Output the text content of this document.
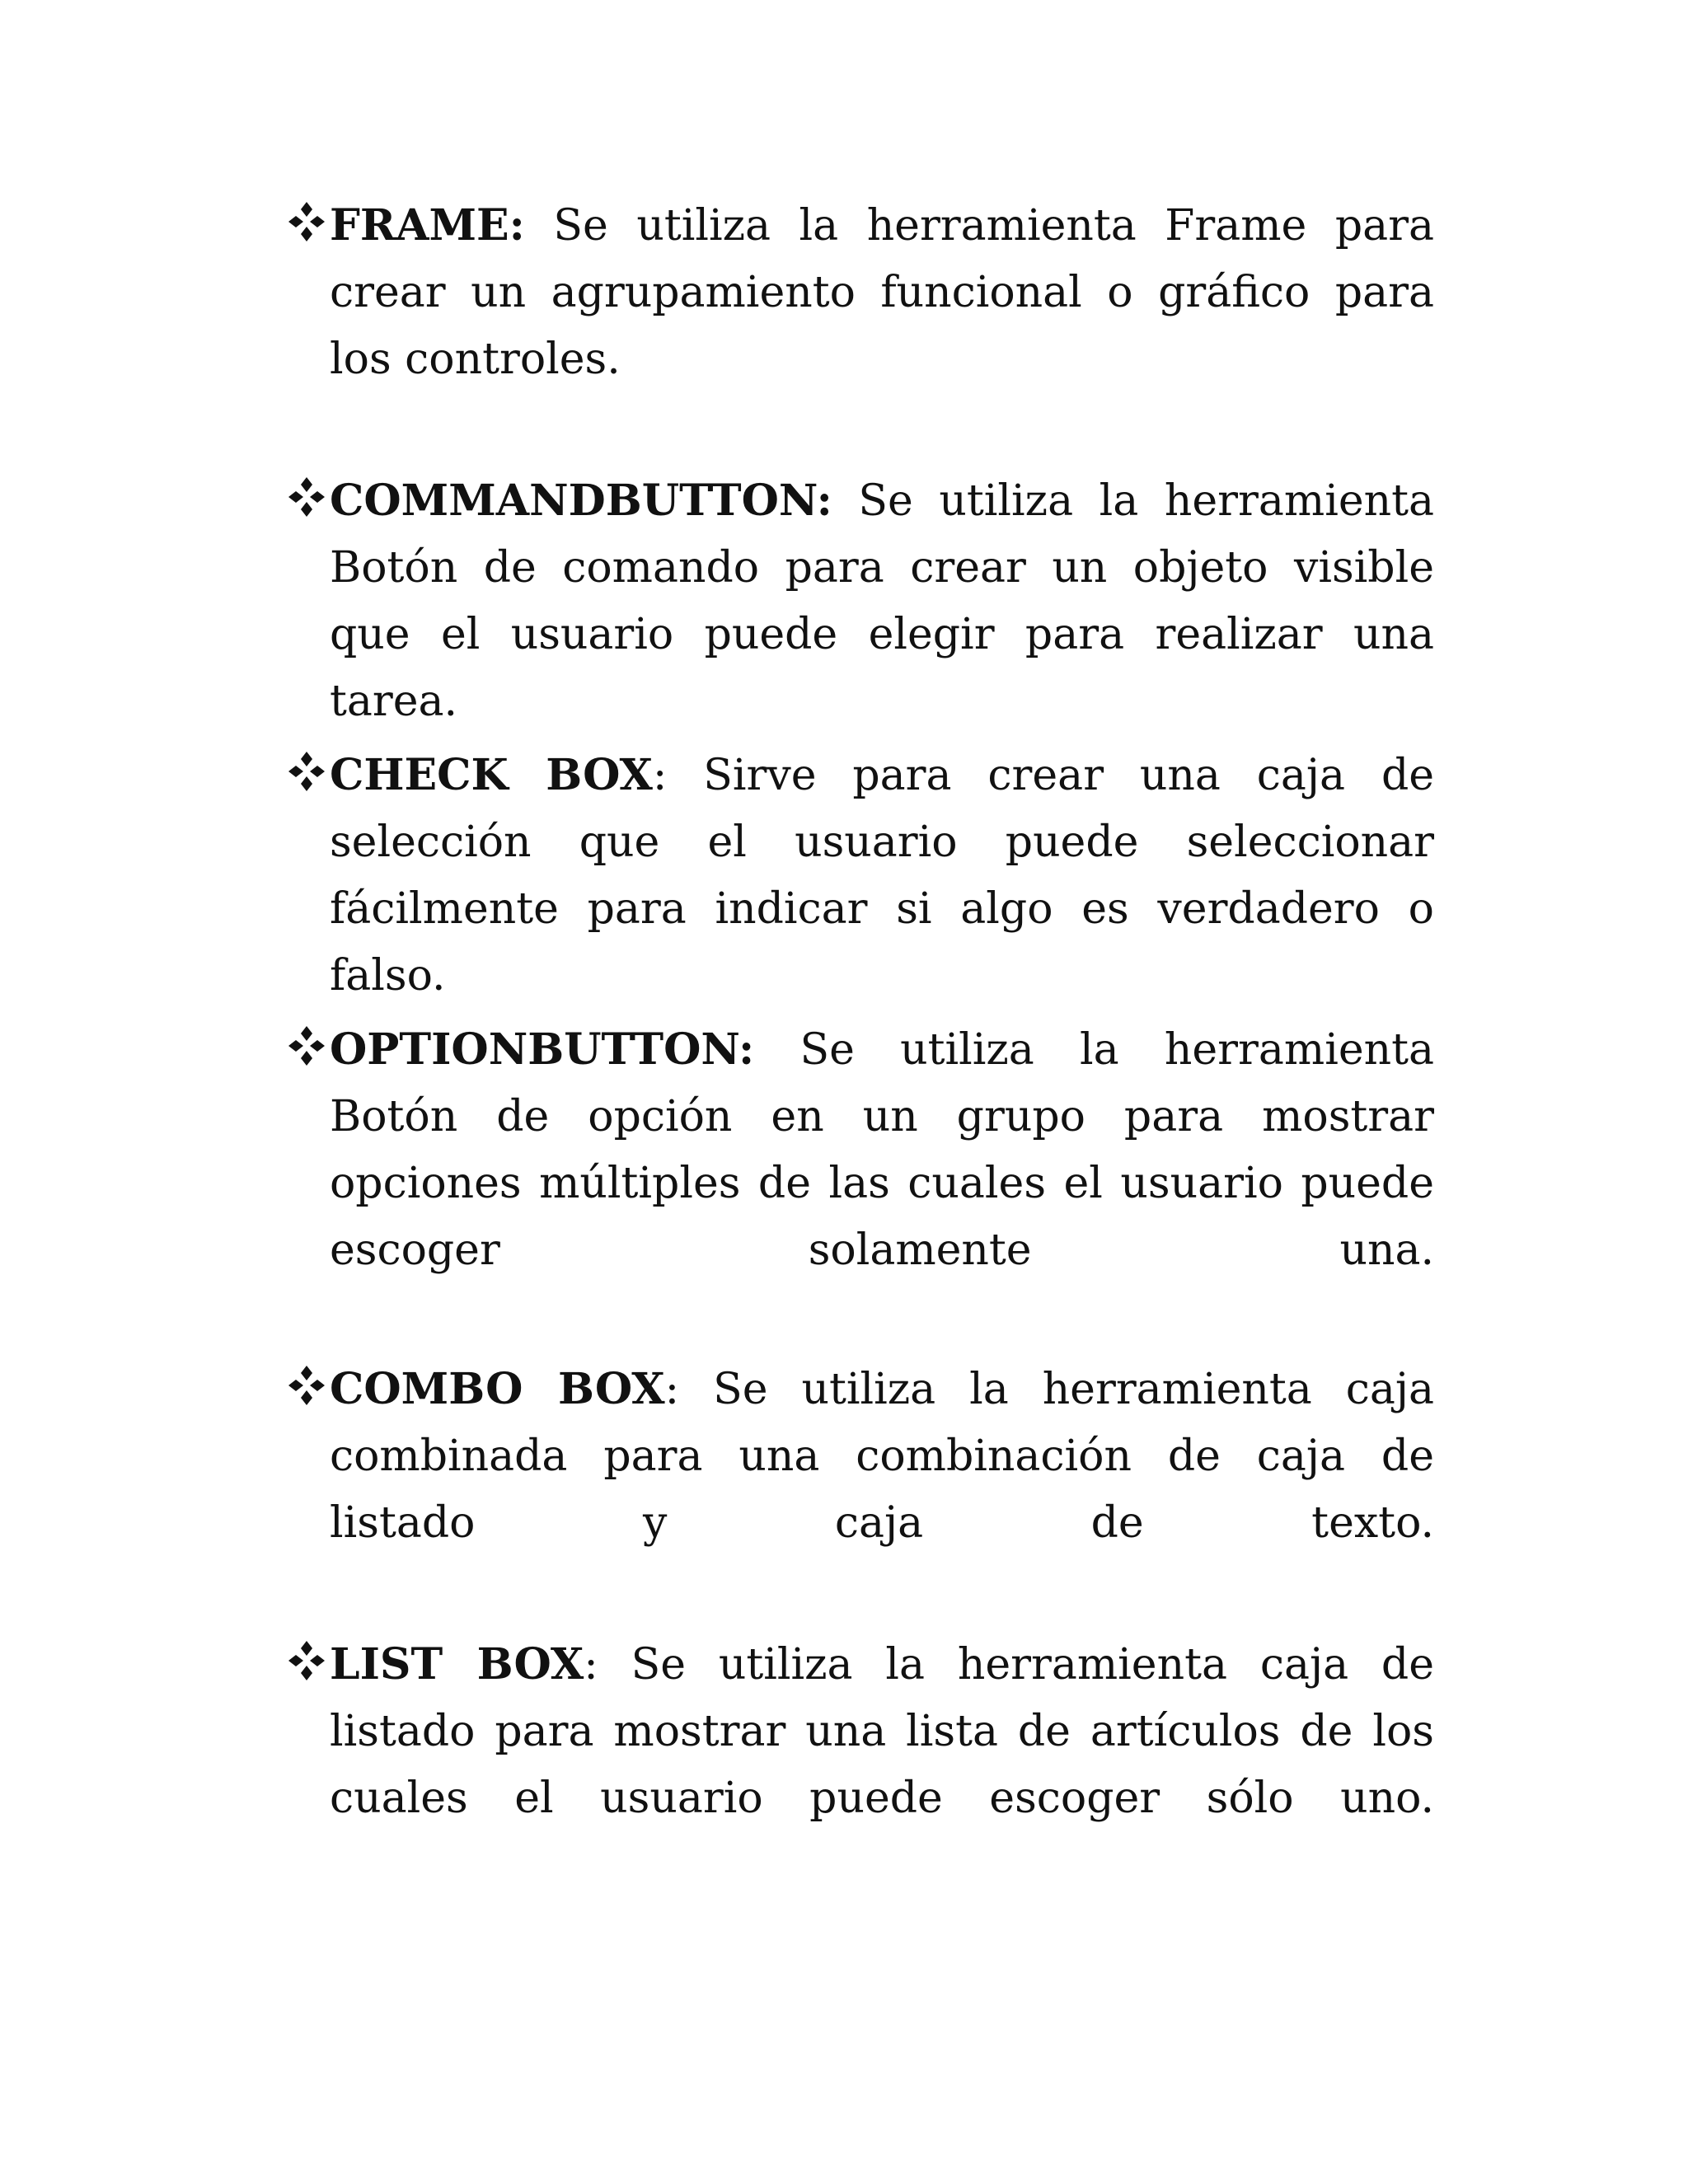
FRAME: Se utiliza la herramienta Frame para crear un agrupamiento funcional o gráfico para los controles.

COMMANDBUTTON: Se utiliza la herramienta Botón de comando para crear un objeto visible que el usuario puede elegir para realizar una tarea.

CHECK BOX: Sirve para crear una caja de selección que el usuario puede seleccionar fácilmente para indicar si algo es verdadero o falso.

OPTIONBUTTON: Se utiliza la herramienta Botón de opción en un grupo para mostrar opciones múltiples de las cuales el usuario puede escoger solamente una.

COMBO BOX: Se utiliza la herramienta caja combinada para una combinación de caja de listado y caja de texto.

LIST BOX: Se utiliza la herramienta caja de listado para mostrar una lista de artículos de los cuales el usuario puede escoger sólo uno.
